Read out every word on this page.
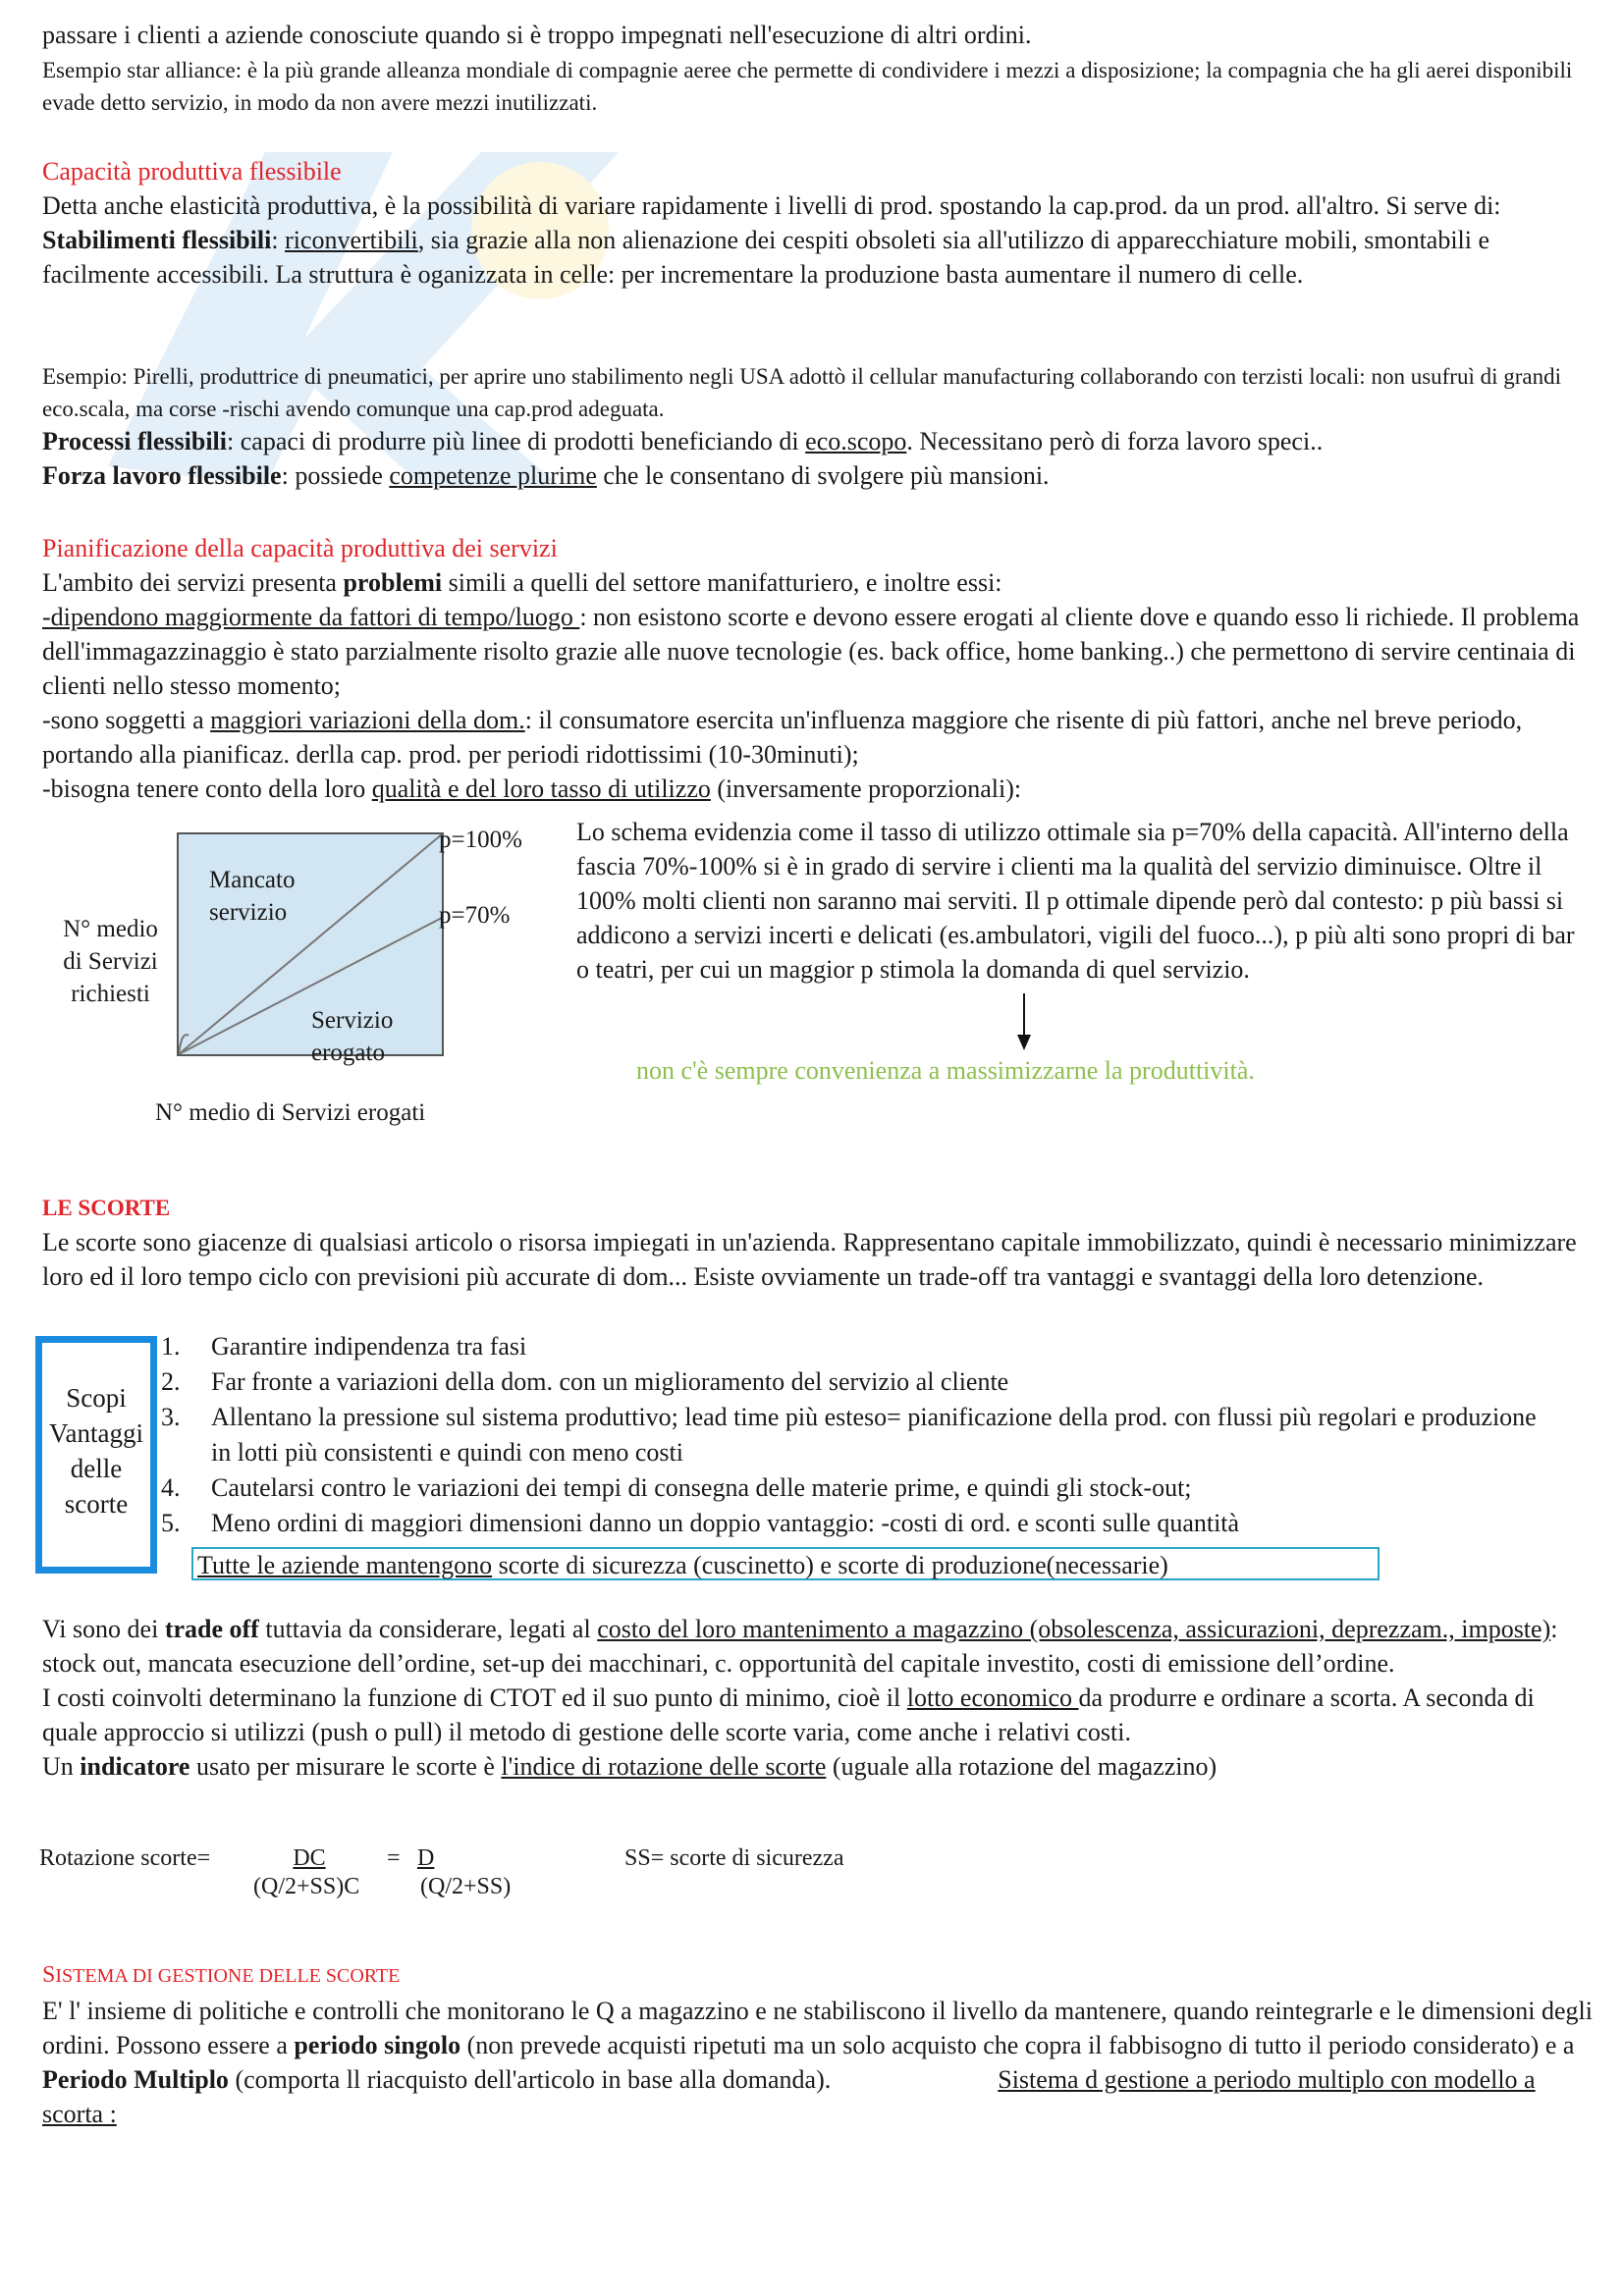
passare i clienti a aziende conosciute quando si è troppo impegnati nell'esecuzione di altri ordini.

Esempio star alliance: è la più grande alleanza mondiale di compagnie aeree che permette di condividere i mezzi a disposizione; la compagnia che ha gli aerei disponibili evade detto servizio, in modo da non avere mezzi inutilizzati.

Capacità produttiva flessibile

Detta anche elasticità produttiva, è la possibilità di variare rapidamente i livelli di prod. spostando la cap.prod. da un prod. all'altro. Si serve di:

Stabilimenti flessibili: riconvertibili, sia grazie alla non alienazione dei cespiti obsoleti sia all'utilizzo di apparecchiature mobili, smontabili e facilmente accessibili. La struttura è oganizzata in celle: per incrementare la produzione basta aumentare il numero di celle.

Esempio: Pirelli, produttrice di pneumatici, per aprire uno stabilimento negli USA adottò il cellular manufacturing collaborando con terzisti locali: non usufruì di grandi eco.scala, ma corse -rischi avendo comunque una cap.prod adeguata.

Processi flessibili: capaci di produrre più linee di prodotti beneficiando di eco.scopo. Necessitano però di forza lavoro speci..

Forza lavoro flessibile: possiede competenze plurime che le consentano di svolgere più mansioni.

Pianificazione della capacità produttiva dei servizi

L'ambito dei servizi presenta problemi simili a quelli del settore manifatturiero, e inoltre essi:

-dipendono maggiormente da fattori di tempo/luogo : non esistono scorte e devono essere erogati al cliente dove e quando esso li richiede. Il problema dell'immagazzinaggio è stato parzialmente risolto grazie alle nuove tecnologie (es. back office, home banking..) che permettono di servire centinaia di clienti nello stesso momento;

-sono soggetti a maggiori variazioni della dom.: il consumatore esercita un'influenza maggiore che risente di più fattori, anche nel breve periodo, portando alla pianificaz. derlla cap. prod. per periodi ridottissimi (10-30minuti);

-bisogna tenere conto della loro qualità e del loro tasso di utilizzo (inversamente proporzionali):

N° medio
di Servizi
richiesti
Mancato
servizio
Servizio
erogato
p=100%
p=70%
N° medio di Servizi erogati

Lo schema evidenzia come il tasso di utilizzo ottimale sia p=70% della capacità. All'interno della fascia 70%-100% si è in grado di servire i clienti ma la qualità del servizio diminuisce. Oltre il 100% molti clienti non saranno mai serviti. Il p ottimale dipende però dal contesto: p più bassi si addicono a servizi incerti e delicati (es.ambulatori, vigili del fuoco...), p più alti sono propri di bar o teatri, per cui un maggior p stimola la domanda di quel servizio.

non c'è sempre convenienza a massimizzarne la produttività.

LE SCORTE

Le scorte sono giacenze di qualsiasi articolo o risorsa impiegati in un'azienda. Rappresentano capitale immobilizzato, quindi è necessario minimizzare loro ed il loro tempo ciclo con previsioni più accurate di dom... Esiste ovviamente un trade-off tra vantaggi e svantaggi della loro detenzione.

Scopi
Vantaggi
delle
scorte
1. Garantire indipendenza tra fasi
2. Far fronte a variazioni della dom. con un miglioramento del servizio al cliente
3. Allentano la pressione sul sistema produttivo; lead time più esteso= pianificazione della prod. con flussi più regolari e produzione in lotti più consistenti e quindi con meno costi
4. Cautelarsi contro le variazioni dei tempi di consegna delle materie prime, e quindi gli stock-out;
5. Meno ordini di maggiori dimensioni danno un doppio vantaggio: -costi di ord. e sconti sulle quantità
Tutte le aziende mantengono scorte di sicurezza (cuscinetto) e scorte di produzione(necessarie)

Vi sono dei trade off tuttavia da considerare, legati al costo del loro mantenimento a magazzino (obsolescenza, assicurazioni, deprezzam., imposte): stock out, mancata esecuzione dell’ordine, set-up dei macchinari, c. opportunità del capitale investito, costi di emissione dell’ordine.

I costi coinvolti determinano la funzione di CTOT ed il suo punto di minimo, cioè il lotto economico da produrre e ordinare a scorta. A seconda di quale approccio si utilizzi (push o pull) il metodo di gestione delle scorte varia, come anche i relativi costi.

Un indicatore usato per misurare le scorte è l'indice di rotazione delle scorte (uguale alla rotazione del magazzino)

Rotazione scorte=	DC
(Q/2+SS)C
= D
(Q/2+SS)
SS= scorte di sicurezza

SISTEMA DI GESTIONE DELLE SCORTE

E' l' insieme di politiche e controlli che monitorano le Q a magazzino e ne stabiliscono il livello da mantenere, quando reintegrarle e le dimensioni degli ordini. Possono essere a periodo singolo (non prevede acquisti ripetuti ma un solo acquisto che copra il fabbisogno di tutto il periodo considerato) e a Periodo Multiplo (comporta ll riacquisto dell'articolo in base alla domanda).	Sistema d gestione a periodo multiplo con modello a scorta :
